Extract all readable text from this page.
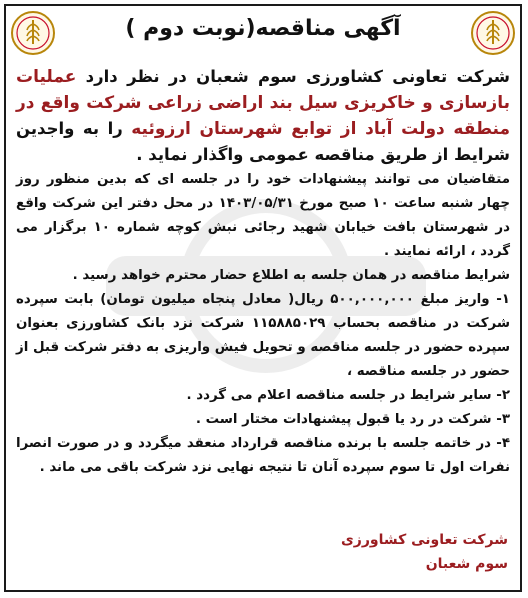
آگهی مناقصه(نوبت دوم )

شرکت تعاونی کشاورزی سوم شعبان در نظر دارد عملیات بازسازی و خاکریزی سیل بند اراضی زراعی شرکت واقع در منطقه دولت آباد از توابع شهرستان ارزوئیه را به واجدین شرایط از طریق مناقصه عمومی واگذار نماید .

متقاضیان می توانند پیشنهادات خود را در جلسه ای که بدین منظور روز چهار شنبه ساعت ۱۰ صبح مورخ ۱۴۰۳/۰۵/۳۱ در محل دفتر این شرکت واقع در شهرستان بافت خیابان شهید رجائی نبش کوچه شماره ۱۰ برگزار می گردد ، ارائه نمایند .

شرایط مناقصه در همان جلسه به اطلاع حضار محترم خواهد رسید .

۱- واریز مبلغ ۵۰۰,۰۰۰,۰۰۰ ریال( معادل پنجاه میلیون تومان) بابت سپرده شرکت در مناقصه بحساب ۱۱۵۸۸۵۰۲۹ شرکت نزد بانک کشاورزی بعنوان سپرده حضور در جلسه مناقصه و تحویل فیش واریزی به دفتر شرکت قبل از حضور در جلسه مناقصه ،

۲- سایر شرایط در جلسه مناقصه اعلام می گردد .

۳- شرکت در رد یا قبول پیشنهادات مختار است .

۴- در خاتمه جلسه با برنده مناقصه قرارداد منعقد میگردد و در صورت انصرا نفرات اول تا سوم سپرده آنان تا نتیجه نهایی نزد شرکت باقی می ماند .

شرکت تعاونی کشاورزی
سوم شعبان
